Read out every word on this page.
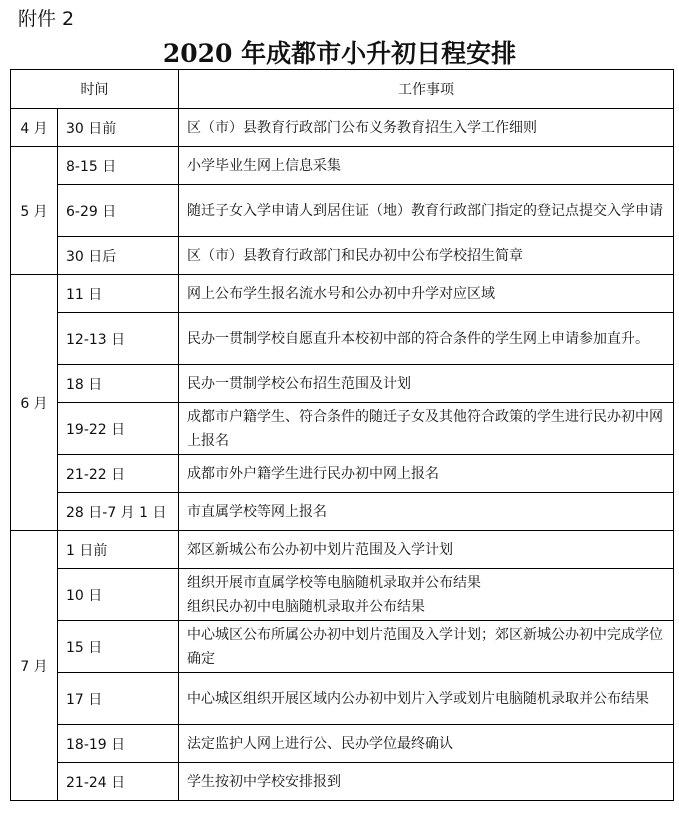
附件 2
2020 年成都市小升初日程安排
时间		工作事项
4 月	30 日前	区（市）县教育行政部门公布义务教育招生入学工作细则
5 月	8-15 日	小学毕业生网上信息采集
	6-29 日	随迁子女入学申请人到居住证（地）教育行政部门指定的登记点提交入学申请
	30 日后	区（市）县教育行政部门和民办初中公布学校招生简章
6 月	11 日	网上公布学生报名流水号和公办初中升学对应区域
	12-13 日	民办一贯制学校自愿直升本校初中部的符合条件的学生网上申请参加直升。
	18 日	民办一贯制学校公布招生范围及计划
	19-22 日	成都市户籍学生、符合条件的随迁子女及其他符合政策的学生进行民办初中网上报名
	21-22 日	成都市外户籍学生进行民办初中网上报名
	28 日-7 月 1 日	市直属学校等网上报名
7 月	1 日前	郊区新城公布公办初中划片范围及入学计划
	10 日	组织开展市直属学校等电脑随机录取并公布结果
组织民办初中电脑随机录取并公布结果

	15 日	中心城区公布所属公办初中划片范围及入学计划；郊区新城公办初中完成学位确定
	17 日	中心城区组织开展区域内公办初中划片入学或划片电脑随机录取并公布结果
	18-19 日	法定监护人网上进行公、民办学位最终确认
	21-24 日	学生按初中学校安排报到
